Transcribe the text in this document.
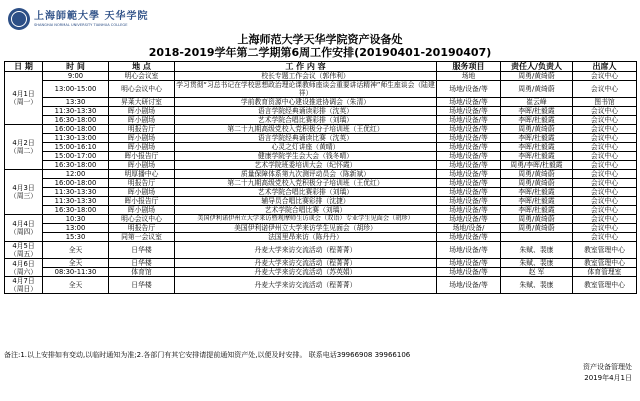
上海師範大學 天华学院
SHANGHAI NORMAL UNIVERSITY TIANHUA COLLEGE
上海师范大学天华学院资产设备处
2018-2019学年第二学期第6周工作安排(20190401-20190407)
日 期	时 间	地 点	工 作 内 容	服务项目	责任人/负责人	出席人
4月1日
（周一）	9:00	明心会议室	校长专题工作会议（郭伟利）	场地	周勇/黄绮蔚	会议中心
	13:00-15:00	明心会议中心	学习贯彻“习总书记在学校思想政治理论课教师座谈会重要讲话精神”师生座谈会（陆建祥）	场地/设备/等	周勇/黄绮蔚	会议中心
	13:30	昇莱大研讨室	学前教育资源中心建设推进协调会（朱清）	场地/设备/等	崔云峰	图书馆
	11:30-13:30	晖小剧场	语言学院经典诵读彩排（沈英）	场地/设备/等	李晖/杜毅霞	会议中心
	16:30-18:00	晖小剧场	艺术学院合唱比赛彩排（刘瑀）	场地/设备/等	李晖/杜毅霞	会议中心
4月2日
（周二）	16:00-18:00	明报告厅	第二十九期高级党校入党积极分子培训班（王优红）	场地/设备/等	周勇/黄绮蔚	会议中心
	11:30-13:00	晖小剧场	语言学院经典诵读比赛（沈英）	场地/设备/等	李晖/杜毅霞	会议中心
	15:00-16:10	晖小剧场	心灵之灯讲座（黄晴）	场地/设备/等	李晖/杜毅霞	会议中心
	15:00-17:00	晖小报告厅	健康学院学生会大会（钱冬晴）	场地/设备/等	李晖/杜毅霞	会议中心
	16:30-18:00	晖小剧场	艺术学院班委培训大会（纪怀霞）	场地/设备/等	周勇/李晖/杜毅霞	会议中心
4月3日
（周三）	12:00	明厚播中心	质量保障体系第九次测评动员会（陈新斌）	场地/设备/等	周勇/黄绮蔚	会议中心
	16:00-18:00	明报告厅	第二十九期高级党校入党积极分子培训班（王优红）	场地/设备/等	周勇/黄绮蔚	会议中心
	11:30-13:30	晖小剧场	艺术学院合唱比赛彩排（刘瑀）	场地/设备/等	李晖/杜毅霞	会议中心
	11:30-13:30	晖小报告厅	辅导员合唱比赛彩排（沈捷）	场地/设备/等	李晖/杜毅霞	会议中心
	16:30-18:00	晖小剧场	艺术学院合唱比赛（刘瑀）	场地/设备/等	李晖/杜毅霞	会议中心
4月4日
（周四）	10:30	明心会议中心	美国伊利诺伊州立大学来访暨观摩师生访谈会（双语）专业学生见面会（胡珍）	场地/设备/等	周勇/黄绮蔚	会议中心
	13:00	明报告厅	美国伊利诺伊州立大学来访学生见面会（胡珍）	场地/设备/	周勇/黄绮蔚	会议中心
	15:30	同第一会议室	法国里昂来访（陈丹丹）	场地/设备/等		会议中心
4月5日
（周五）	全天	日华楼	丹麦大学来访交流活动（程菁菁）	场地/设备/等	朱赋、裴康	教室管理中心
4月6日
（周六）	全天	日华楼	丹麦大学来访交流活动（程菁菁）	场地/设备/等	朱赋、裴康	教室管理中心
	08:30-11:30	体育馆	丹麦大学来访交流活动（苏英娟）	场地/设备/等	赵 军	体育管理室
4月7日
（周日）	全天	日华楼	丹麦大学来访交流活动（程菁菁）	场地/设备/等	朱赋、裴康	教室管理中心
备注:1.以上安排如有变动,以临时通知为准;2.各部门有其它安排请提前通知资产处,以便及时安排。 联系电话39966908 39966106
资产设备管理处
2019年4月1日
